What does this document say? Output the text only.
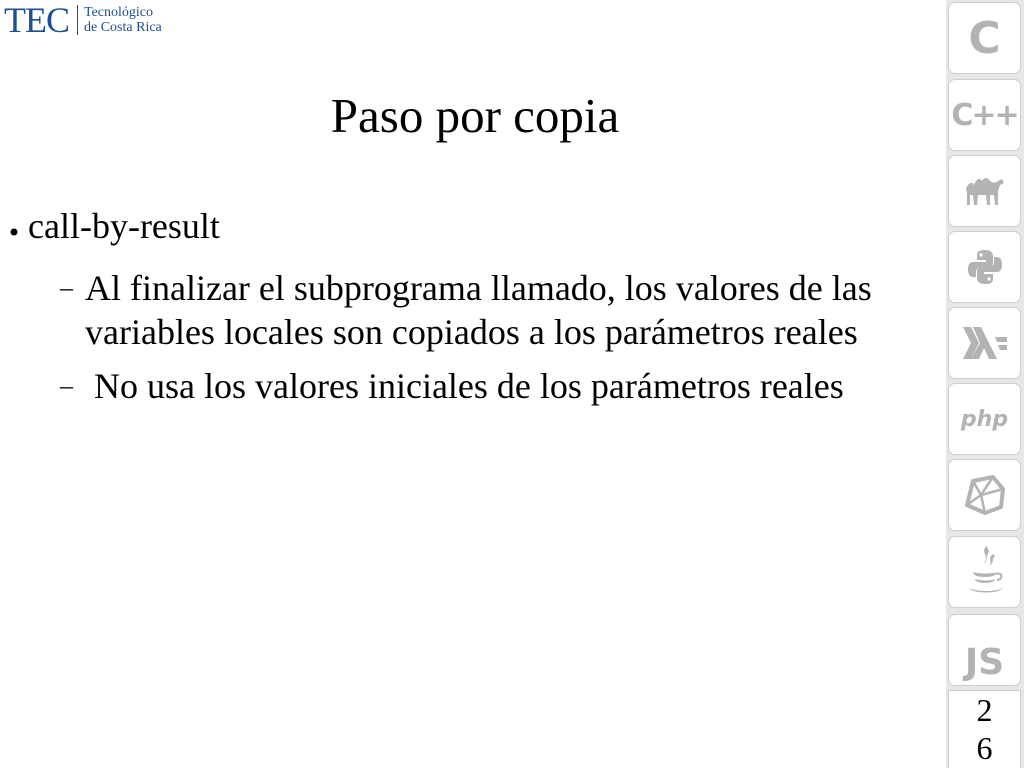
TEC Tecnológico
de Costa Rica
Paso por copia
call-by-result
– Al finalizar el subprograma llamado, los valores de las variables locales son copiados a los parámetros reales
– No usa los valores iniciales de los parámetros reales
C
C++
php
JS
2
6
